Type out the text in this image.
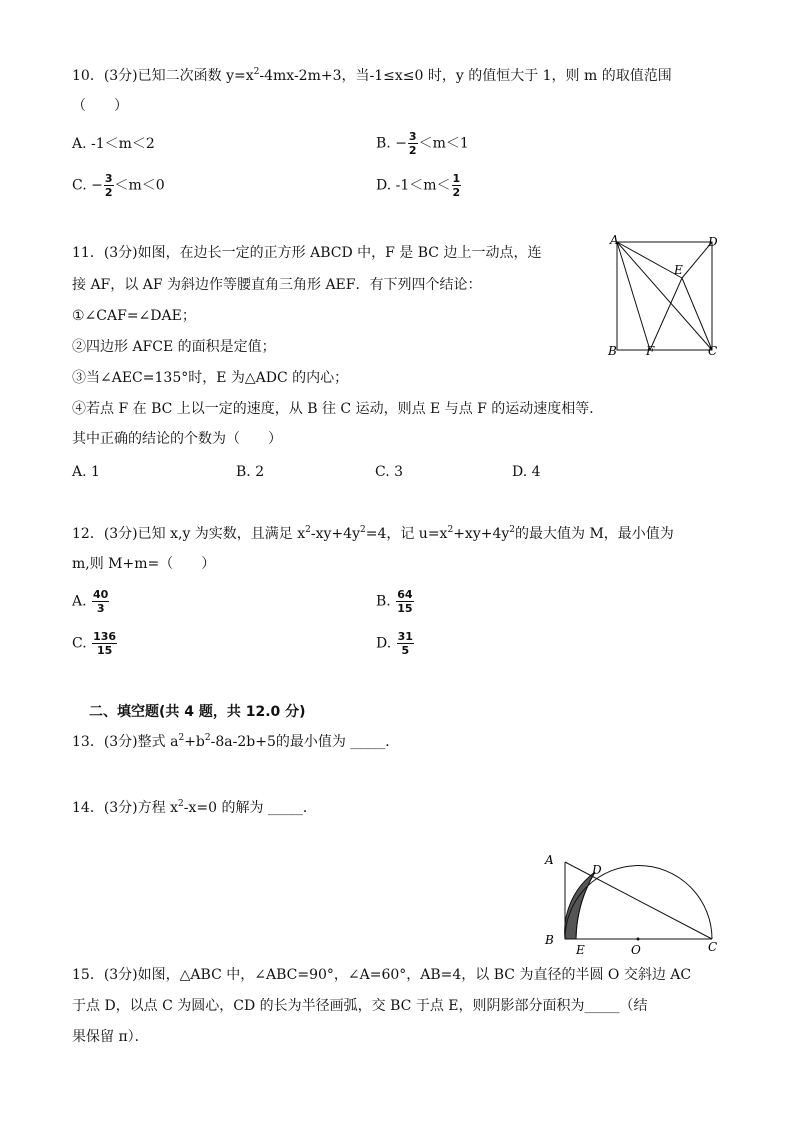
10．(3分)已知二次函数 $y=x^2-4mx-2m+3$，当-1≤x≤0 时，y 的值恒大于 1，则 m 的取值范围
（　　）
A. -1＜m＜2	B. − $\frac{3}{2} <m<1$
C. − $\frac{3}{2} <m<0$	D. $-1<m< \frac{1}{2}$
11．(3分)如图，在边长一定的正方形 ABCD 中，F 是 BC 边上一动点，连
接 AF，以 AF 为斜边作等腰直角三角形 AEF．有下列四个结论：
①∠CAF=∠DAE；
②四边形 AFCE 的面积是定值；
③当∠AEC=135°时，E 为△ADC 的内心；
④若点 F 在 BC 上以一定的速度，从 B 往 C 运动，则点 E 与点 F 的运动速度相等．
其中正确的结论的个数为（　　）
A. 1	B. 2	C. 3	D. 4
A	D
E
B F	C
12．(3分)已知 x,y 为实数，且满足 $x^2-xy+4y^2=4$，记 $u=x^2+xy+4y^2$的最大值为 M，最小值为
m,则 M+m=（　　）
A. $\frac{40}{3}$	B. $\frac{64}{15}$
C. $\frac{136}{15}$	D. $\frac{31}{5}$
二、填空题(共 4 题，共 12.0 分)
13．(3分)整式 $a^2+b^2-8a-2b+5$的最小值为 _____．
14．(3分)方程 $x^2-x=0$ 的解为 _____．
A
D
B
E	O	C
15．(3分)如图，△ABC 中，∠ABC=90°，∠A=60°，AB=4，以 BC 为直径的半圆 O 交斜边 AC
于点 D，以点 C 为圆心，CD 的长为半径画弧，交 BC 于点 E，则阴影部分面积为_____（结
果保留 π）．
